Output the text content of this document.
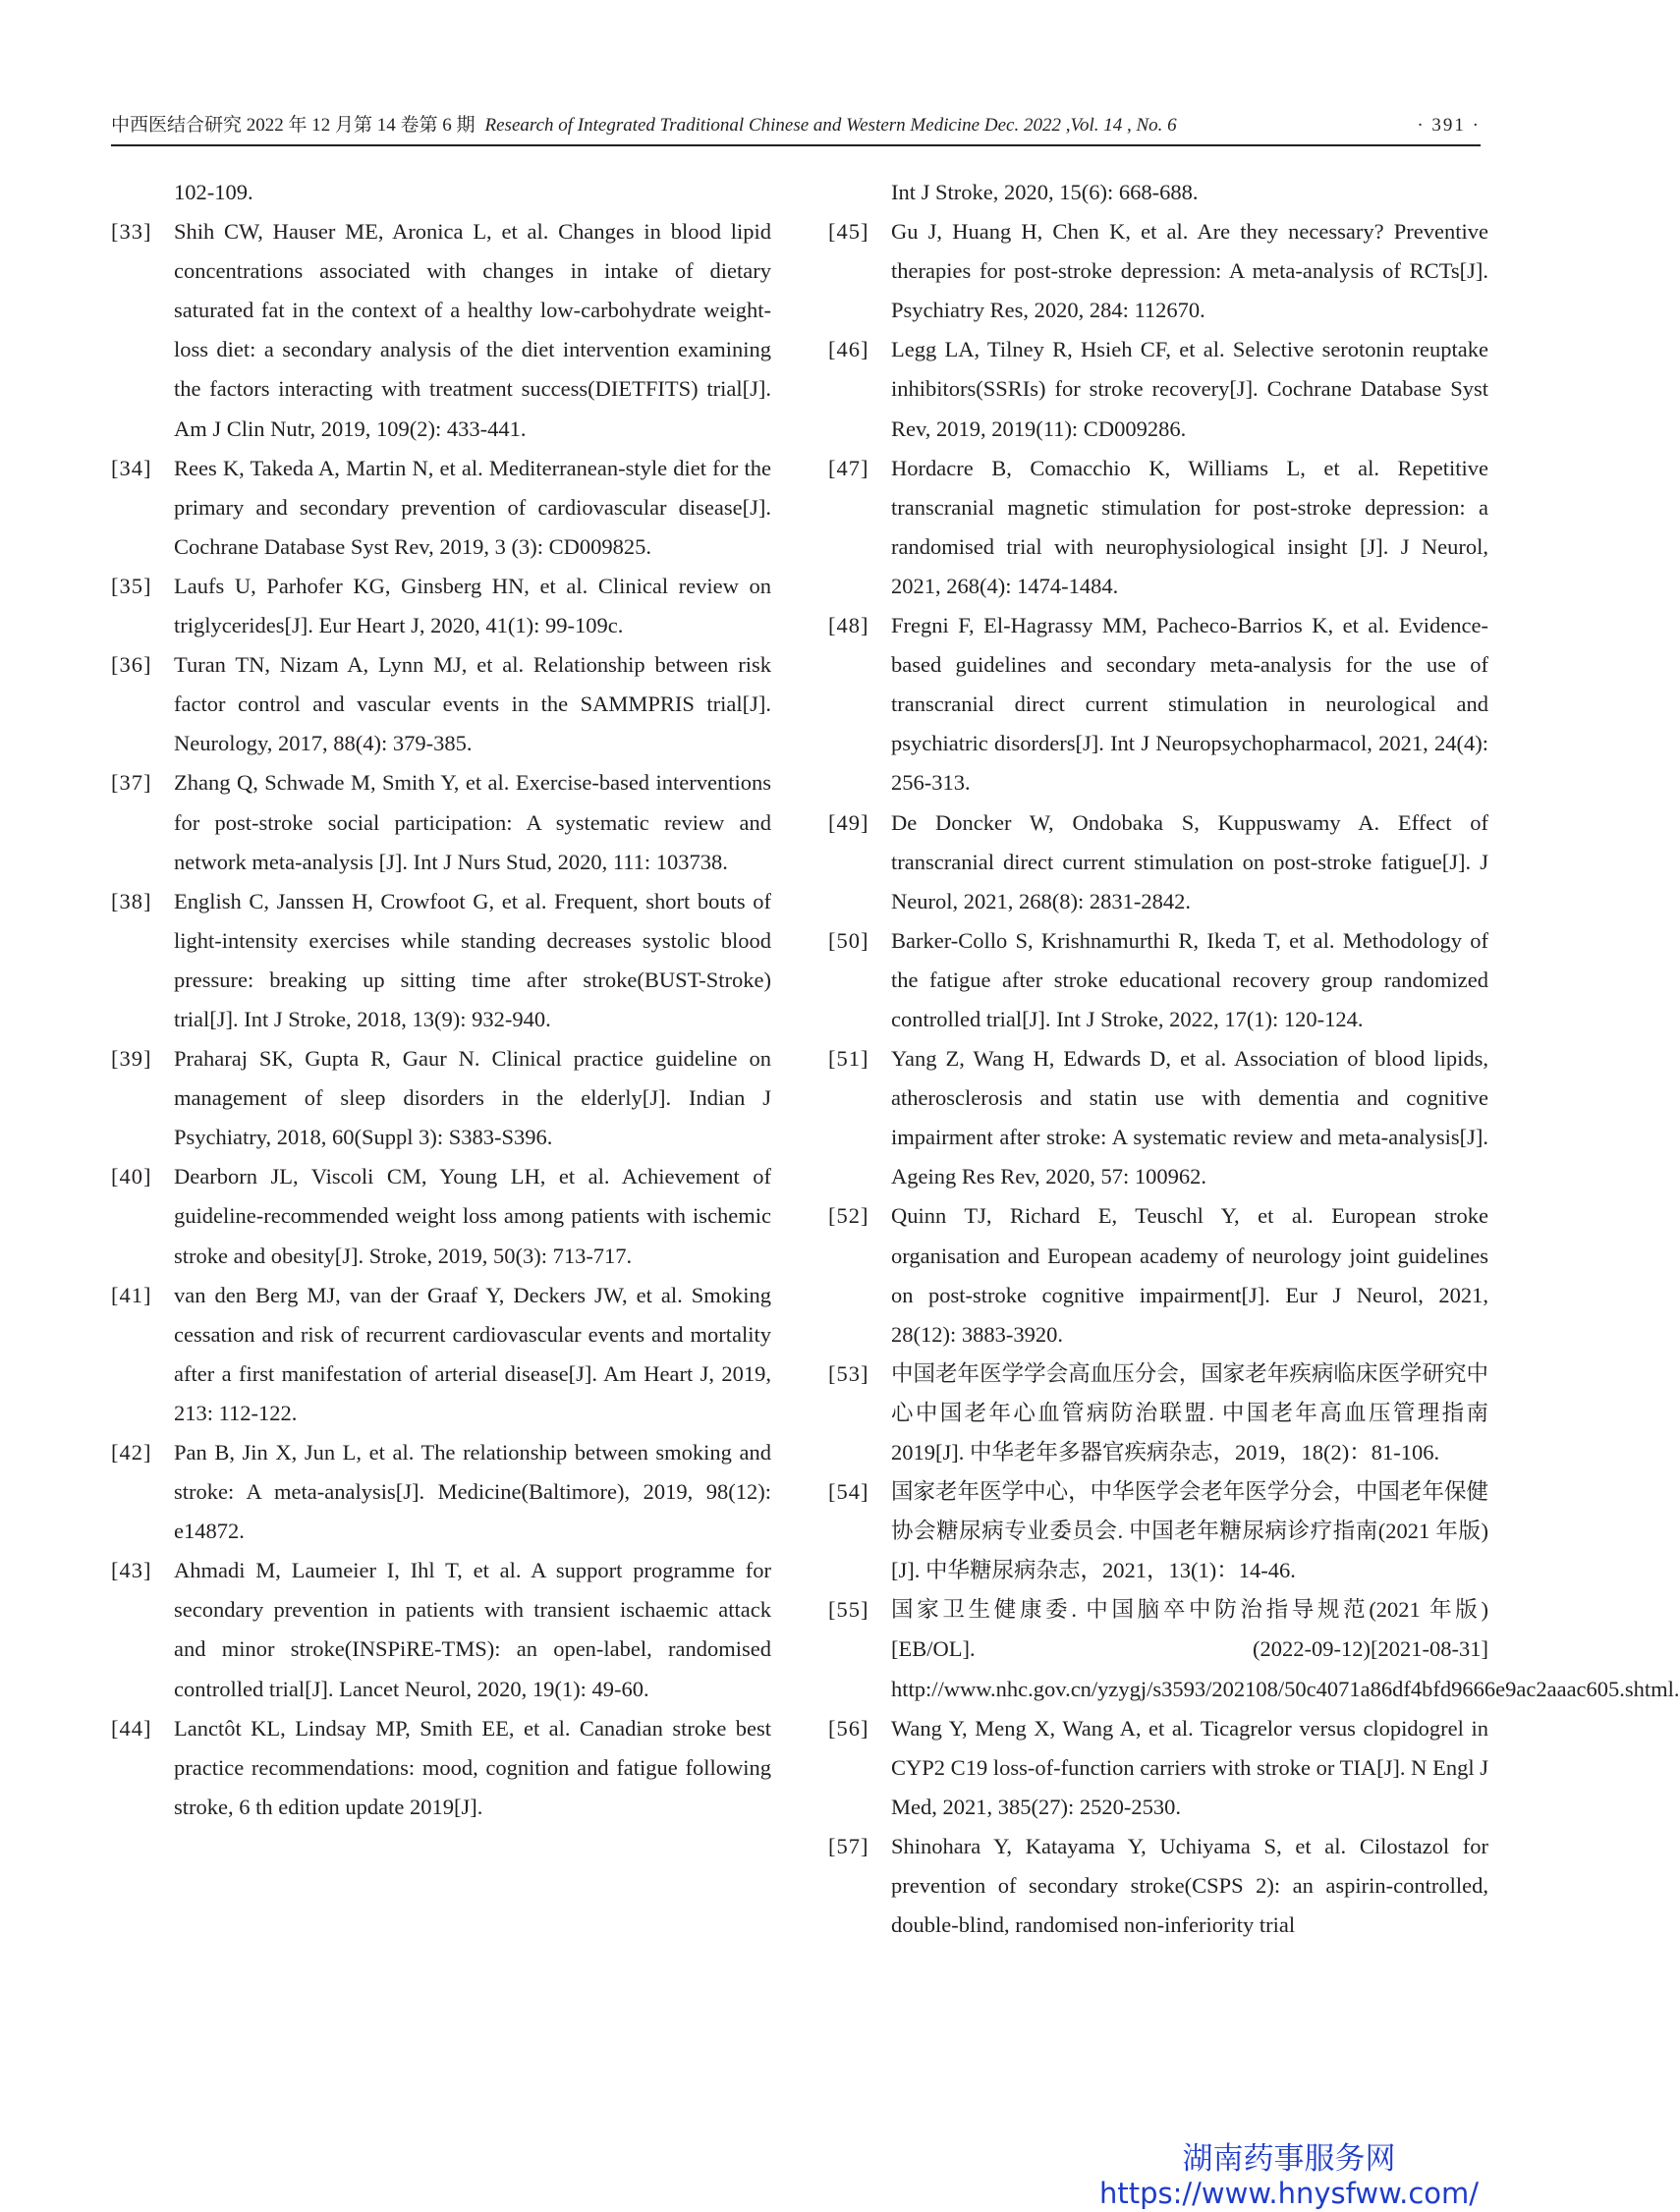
中西医结合研究 2022 年 12 月第 14 卷第 6 期 Research of Integrated Traditional Chinese and Western Medicine Dec. 2022 ,Vol. 14 , No. 6	· 391 ·
102-109.
[33]	Shih CW, Hauser ME, Aronica L, et al. Changes in blood lipid concentrations associated with changes in intake of dietary saturated fat in the context of a healthy low-carbohydrate weight-loss diet: a secondary analysis of the diet intervention examining the factors interacting with treatment success(DIETFITS) trial[J]. Am J Clin Nutr, 2019, 109(2): 433-441.
[34]	Rees K, Takeda A, Martin N, et al. Mediterranean-style diet for the primary and secondary prevention of cardiovascular disease[J]. Cochrane Database Syst Rev, 2019, 3 (3): CD009825.
[35]	Laufs U, Parhofer KG, Ginsberg HN, et al. Clinical review on triglycerides[J]. Eur Heart J, 2020, 41(1): 99-109c.
[36]	Turan TN, Nizam A, Lynn MJ, et al. Relationship between risk factor control and vascular events in the SAMMPRIS trial[J]. Neurology, 2017, 88(4): 379-385.
[37]	Zhang Q, Schwade M, Smith Y, et al. Exercise-based interventions for post-stroke social participation: A systematic review and network meta-analysis [J]. Int J Nurs Stud, 2020, 111: 103738.
[38]	English C, Janssen H, Crowfoot G, et al. Frequent, short bouts of light-intensity exercises while standing decreases systolic blood pressure: breaking up sitting time after stroke(BUST-Stroke) trial[J]. Int J Stroke, 2018, 13(9): 932-940.
[39]	Praharaj SK, Gupta R, Gaur N. Clinical practice guideline on management of sleep disorders in the elderly[J]. Indian J Psychiatry, 2018, 60(Suppl 3): S383-S396.
[40]	Dearborn JL, Viscoli CM, Young LH, et al. Achievement of guideline-recommended weight loss among patients with ischemic stroke and obesity[J]. Stroke, 2019, 50(3): 713-717.
[41]	van den Berg MJ, van der Graaf Y, Deckers JW, et al. Smoking cessation and risk of recurrent cardiovascular events and mortality after a first manifestation of arterial disease[J]. Am Heart J, 2019, 213: 112-122.
[42]	Pan B, Jin X, Jun L, et al. The relationship between smoking and stroke: A meta-analysis[J]. Medicine(Baltimore), 2019, 98(12): e14872.
[43]	Ahmadi M, Laumeier I, Ihl T, et al. A support programme for secondary prevention in patients with transient ischaemic attack and minor stroke(INSPiRE-TMS): an open-label, randomised controlled trial[J]. Lancet Neurol, 2020, 19(1): 49-60.
[44]	Lanctôt KL, Lindsay MP, Smith EE, et al. Canadian stroke best practice recommendations: mood, cognition and fatigue following stroke, 6 th edition update 2019[J].
Int J Stroke, 2020, 15(6): 668-688.
[45]	Gu J, Huang H, Chen K, et al. Are they necessary? Preventive therapies for post-stroke depression: A meta-analysis of RCTs[J]. Psychiatry Res, 2020, 284: 112670.
[46]	Legg LA, Tilney R, Hsieh CF, et al. Selective serotonin reuptake inhibitors(SSRIs) for stroke recovery[J]. Cochrane Database Syst Rev, 2019, 2019(11): CD009286.
[47]	Hordacre B, Comacchio K, Williams L, et al. Repetitive transcranial magnetic stimulation for post-stroke depression: a randomised trial with neurophysiological insight [J]. J Neurol, 2021, 268(4): 1474-1484.
[48]	Fregni F, El-Hagrassy MM, Pacheco-Barrios K, et al. Evidence-based guidelines and secondary meta-analysis for the use of transcranial direct current stimulation in neurological and psychiatric disorders[J]. Int J Neuropsychopharmacol, 2021, 24(4): 256-313.
[49]	De Doncker W, Ondobaka S, Kuppuswamy A. Effect of transcranial direct current stimulation on post-stroke fatigue[J]. J Neurol, 2021, 268(8): 2831-2842.
[50]	Barker-Collo S, Krishnamurthi R, Ikeda T, et al. Methodology of the fatigue after stroke educational recovery group randomized controlled trial[J]. Int J Stroke, 2022, 17(1): 120-124.
[51]	Yang Z, Wang H, Edwards D, et al. Association of blood lipids, atherosclerosis and statin use with dementia and cognitive impairment after stroke: A systematic review and meta-analysis[J]. Ageing Res Rev, 2020, 57: 100962.
[52]	Quinn TJ, Richard E, Teuschl Y, et al. European stroke organisation and European academy of neurology joint guidelines on post-stroke cognitive impairment[J]. Eur J Neurol, 2021, 28(12): 3883-3920.
[53]	中国老年医学学会高血压分会，国家老年疾病临床医学研究中心中国老年心血管病防治联盟. 中国老年高血压管理指南 2019[J]. 中华老年多器官疾病杂志，2019，18(2)：81-106.
[54]	国家老年医学中心，中华医学会老年医学分会，中国老年保健协会糖尿病专业委员会. 中国老年糖尿病诊疗指南(2021 年版)[J]. 中华糖尿病杂志，2021，13(1)：14-46.
[55]	国家卫生健康委. 中国脑卒中防治指导规范(2021 年版)[EB/OL]. (2022-09-12)[2021-08-31] http://www.nhc.gov.cn/yzygj/s3593/202108/50c4071a86df4bfd9666e9ac2aaac605.shtml.
[56]	Wang Y, Meng X, Wang A, et al. Ticagrelor versus clopidogrel in CYP2 C19 loss-of-function carriers with stroke or TIA[J]. N Engl J Med, 2021, 385(27): 2520-2530.
[57]	Shinohara Y, Katayama Y, Uchiyama S, et al. Cilostazol for prevention of secondary stroke(CSPS 2): an aspirin-controlled, double-blind, randomised non-inferiority trial
湖南药事服务网
https://www.hnysfww.com/
